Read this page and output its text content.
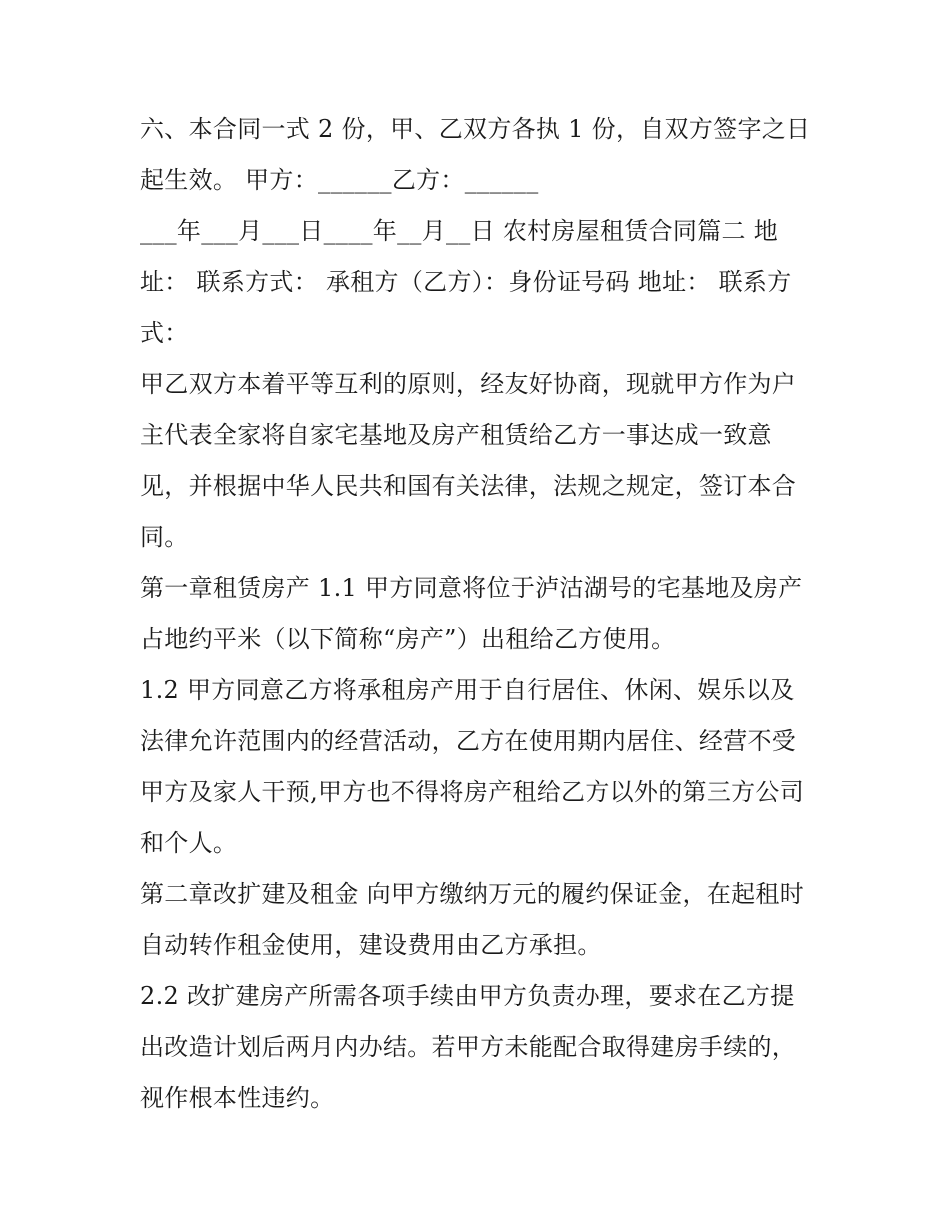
六、本合同一式 2 份，甲、乙双方各执 1 份，自双方签字之日起生效。 甲方：______乙方：______

___年___月___日____年__月__日 农村房屋租赁合同篇二 地址： 联系方式： 承租方（乙方）：身份证号码 地址： 联系方式：

甲乙双方本着平等互利的原则，经友好协商，现就甲方作为户主代表全家将自家宅基地及房产租赁给乙方一事达成一致意见，并根据中华人民共和国有关法律，法规之规定，签订本合同。

第一章租赁房产 1.1 甲方同意将位于泸沽湖号的宅基地及房产占地约平米（以下简称“房产”）出租给乙方使用。

1.2 甲方同意乙方将承租房产用于自行居住、休闲、娱乐以及法律允许范围内的经营活动，乙方在使用期内居住、经营不受甲方及家人干预,甲方也不得将房产租给乙方以外的第三方公司和个人。

第二章改扩建及租金 向甲方缴纳万元的履约保证金，在起租时自动转作租金使用，建设费用由乙方承担。

2.2 改扩建房产所需各项手续由甲方负责办理，要求在乙方提出改造计划后两月内办结。若甲方未能配合取得建房手续的，视作根本性违约。
